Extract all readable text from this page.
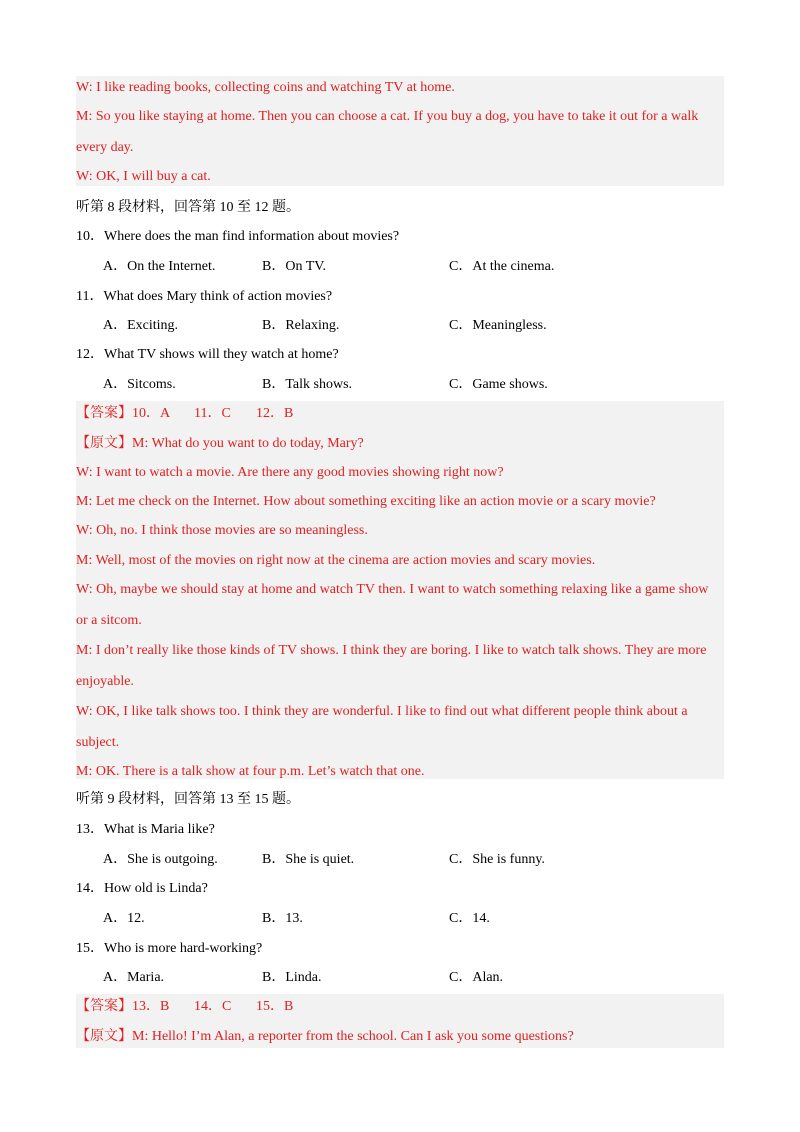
W: I like reading books, collecting coins and watching TV at home.
M: So you like staying at home. Then you can choose a cat. If you buy a dog, you have to take it out for a walk
every day.
W: OK, I will buy a cat.
听第 8 段材料，回答第 10 至 12 题。
10．Where does the man find information about movies?
A．On the Internet.	B．On TV.	C．At the cinema.
11．What does Mary think of action movies?
A．Exciting.	B．Relaxing.	C．Meaningless.
12．What TV shows will they watch at home?
A．Sitcoms.	B．Talk shows.	C．Game shows.
【答案】10．A 11．C 12．B
【原文】M: What do you want to do today, Mary?
W: I want to watch a movie. Are there any good movies showing right now?
M: Let me check on the Internet. How about something exciting like an action movie or a scary movie?
W: Oh, no. I think those movies are so meaningless.
M: Well, most of the movies on right now at the cinema are action movies and scary movies.
W: Oh, maybe we should stay at home and watch TV then. I want to watch something relaxing like a game show
or a sitcom.
M: I don’t really like those kinds of TV shows. I think they are boring. I like to watch talk shows. They are more
enjoyable.
W: OK, I like talk shows too. I think they are wonderful. I like to find out what different people think about a
subject.
M: OK. There is a talk show at four p.m. Let’s watch that one.
听第 9 段材料，回答第 13 至 15 题。
13．What is Maria like?
A．She is outgoing.	B．She is quiet.	C．She is funny.
14．How old is Linda?
A．12.	B．13.	C．14.
15．Who is more hard-working?
A．Maria.	B．Linda.	C．Alan.
【答案】13．B 14．C 15．B
【原文】M: Hello! I’m Alan, a reporter from the school. Can I ask you some questions?
